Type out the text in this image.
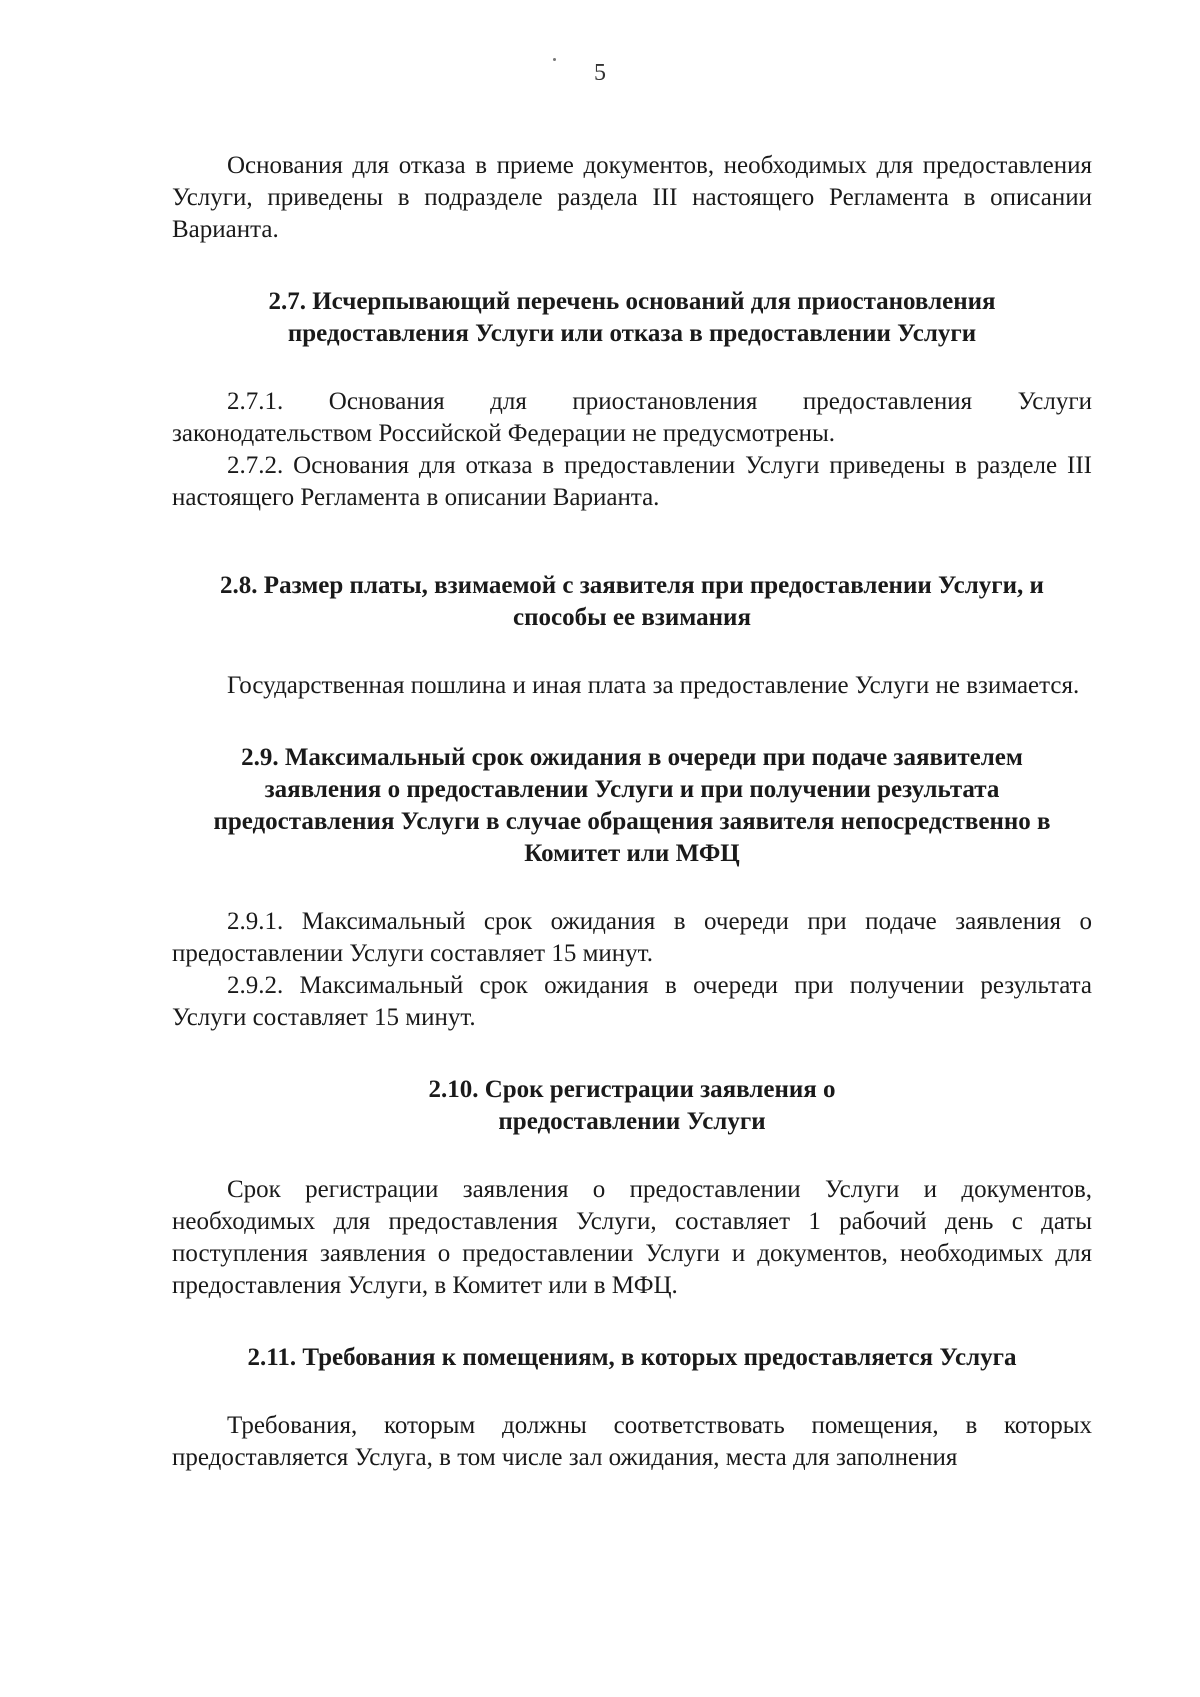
5

Основания для отказа в приеме документов, необходимых для предоставления Услуги, приведены в подразделе раздела III настоящего Регламента в описании Варианта.

2.7. Исчерпывающий перечень оснований для приостановления предоставления Услуги или отказа в предоставлении Услуги

2.7.1. Основания для приостановления предоставления Услуги законодательством Российской Федерации не предусмотрены.

2.7.2. Основания для отказа в предоставлении Услуги приведены в разделе III настоящего Регламента в описании Варианта.

2.8. Размер платы, взимаемой с заявителя при предоставлении Услуги, и способы ее взимания

Государственная пошлина и иная плата за предоставление Услуги не взимается.

2.9. Максимальный срок ожидания в очереди при подаче заявителем заявления о предоставлении Услуги и при получении результата предоставления Услуги в случае обращения заявителя непосредственно в Комитет или МФЦ

2.9.1. Максимальный срок ожидания в очереди при подаче заявления о предоставлении Услуги составляет 15 минут.

2.9.2. Максимальный срок ожидания в очереди при получении результата Услуги составляет 15 минут.

2.10. Срок регистрации заявления о предоставлении Услуги

Срок регистрации заявления о предоставлении Услуги и документов, необходимых для предоставления Услуги, составляет 1 рабочий день с даты поступления заявления о предоставлении Услуги и документов, необходимых для предоставления Услуги, в Комитет или в МФЦ.

2.11. Требования к помещениям, в которых предоставляется Услуга

Требования, которым должны соответствовать помещения, в которых предоставляется Услуга, в том числе зал ожидания, места для заполнения
